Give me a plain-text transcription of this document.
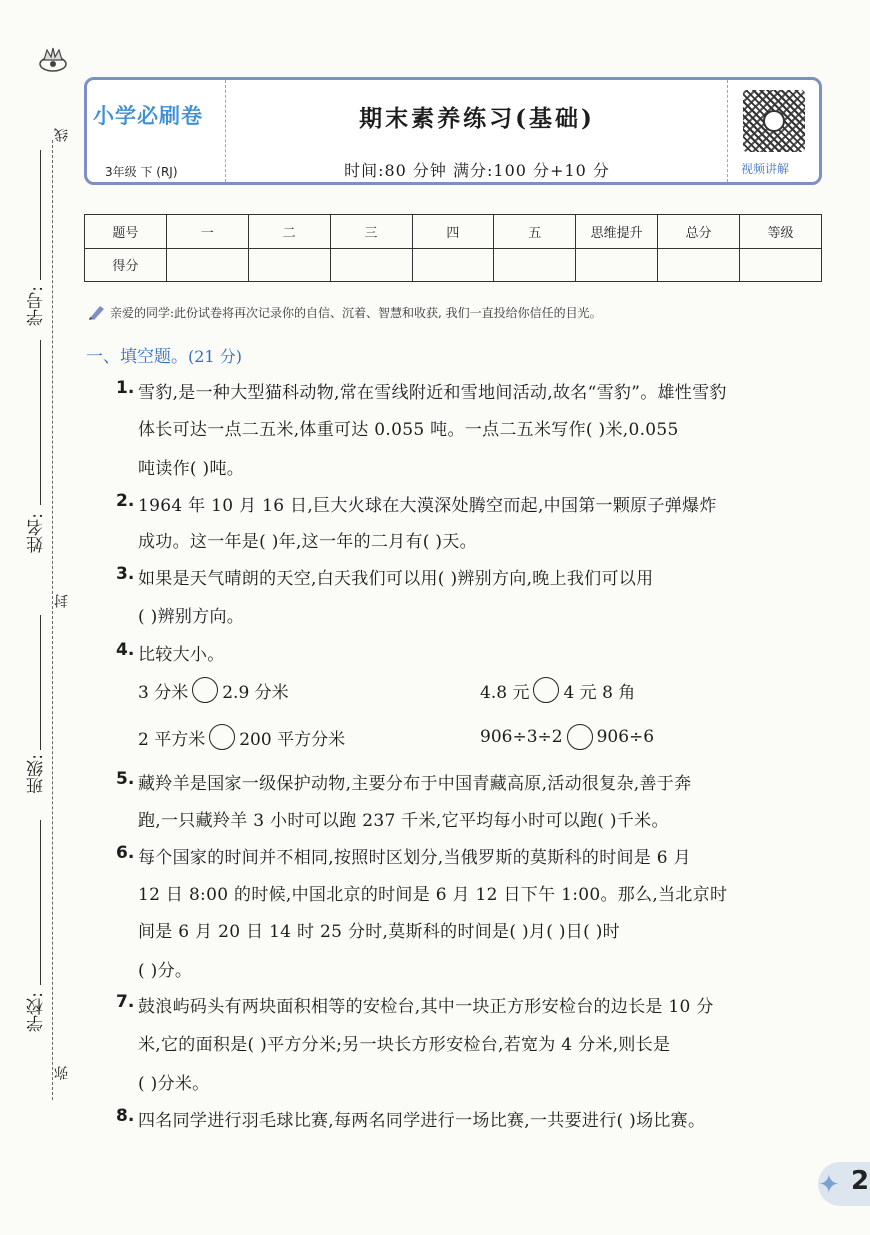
线
封
弥
学号:
姓名:
班级:
学校:
小学必刷卷
3年级 下 (RJ)
期末素养练习(基础)
时间:80 分钟 满分:100 分+10 分	视频讲解
题号	一	二	三	四	五	思维提升	总分	等级
得分								
亲爱的同学:此份试卷将再次记录你的自信、沉着、智慧和收获, 我们一直投给你信任的目光。
一、填空题。(21 分)
1. 雪豹,是一种大型猫科动物,常在雪线附近和雪地间活动,故名“雪豹”。雄性雪豹
体长可达一点二五米,体重可达 0.055 吨。一点二五米写作( )米,0.055
吨读作( )吨。
2. 1964 年 10 月 16 日,巨大火球在大漠深处腾空而起,中国第一颗原子弹爆炸
成功。这一年是( )年,这一年的二月有( )天。
3. 如果是天气晴朗的天空,白天我们可以用( )辨别方向,晚上我们可以用
( )辨别方向。
4. 比较大小。
3 分米 2.9 分米	4.8 元 4 元 8 角
2 平方米 200 平方分米	906÷3÷2 906÷6
5. 藏羚羊是国家一级保护动物,主要分布于中国青藏高原,活动很复杂,善于奔
跑,一只藏羚羊 3 小时可以跑 237 千米,它平均每小时可以跑( )千米。
6. 每个国家的时间并不相同,按照时区划分,当俄罗斯的莫斯科的时间是 6 月
12 日 8:00 的时候,中国北京的时间是 6 月 12 日下午 1:00。那么,当北京时
间是 6 月 20 日 14 时 25 分时,莫斯科的时间是( )月( )日( )时
( )分。
7. 鼓浪屿码头有两块面积相等的安检台,其中一块正方形安检台的边长是 10 分
米,它的面积是( )平方分米;另一块长方形安检台,若宽为 4 分米,则长是
( )分米。
8. 四名同学进行羽毛球比赛,每两名同学进行一场比赛,一共要进行( )场比赛。
✦ 2
